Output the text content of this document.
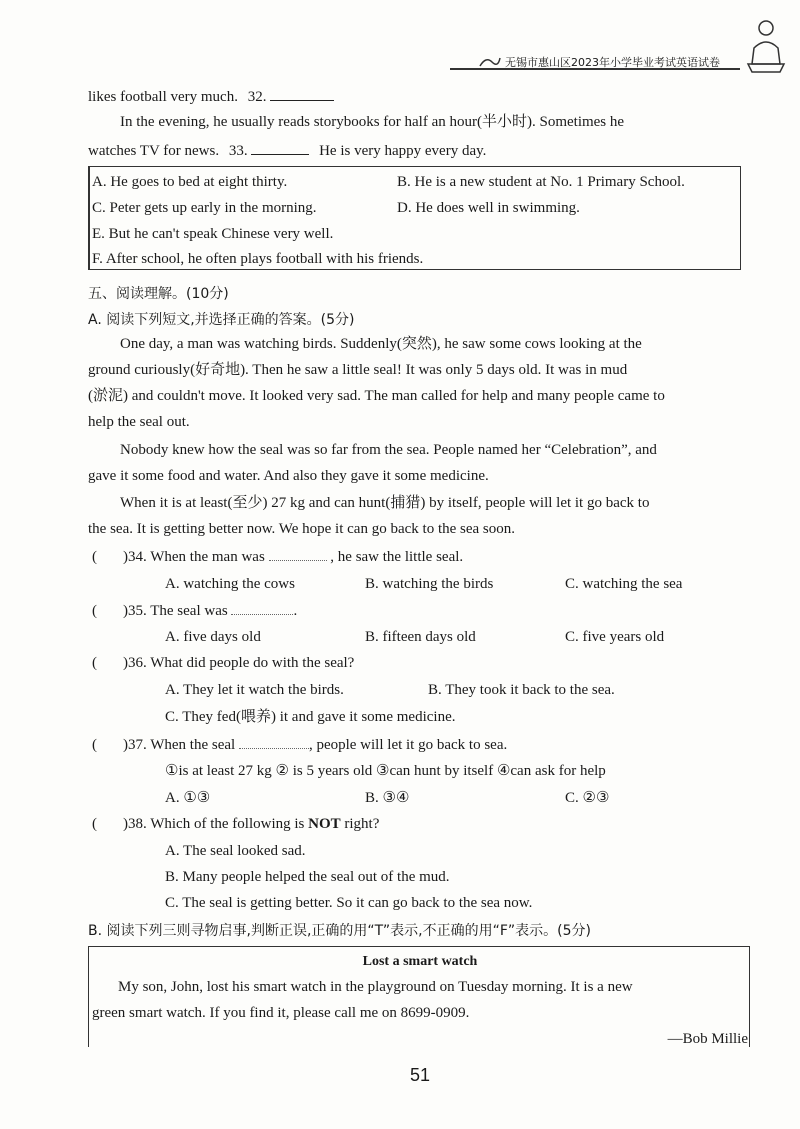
无锡市惠山区2023年小学毕业考试英语试卷
likes football very much. 32.
In the evening, he usually reads storybooks for half an hour(半小时). Sometimes he
watches TV for news. 33.	He is very happy every day.
A. He goes to bed at eight thirty.	B. He is a new student at No. 1 Primary School.
C. Peter gets up early in the morning.	D. He does well in swimming.
E. But he can't speak Chinese very well.
F. After school, he often plays football with his friends.
五、阅读理解。(10分)
A. 阅读下列短文,并选择正确的答案。(5分)
One day, a man was watching birds. Suddenly(突然), he saw some cows looking at the
ground curiously(好奇地). Then he saw a little seal! It was only 5 days old. It was in mud
(淤泥) and couldn't move. It looked very sad. The man called for help and many people came to
help the seal out.
Nobody knew how the seal was so far from the sea. People named her “Celebration”, and
gave it some food and water. And also they gave it some medicine.
When it is at least(至少) 27 kg and can hunt(捕猎) by itself, people will let it go back to
the sea. It is getting better now. We hope it can go back to the sea soon.
( )34. When the man was	, he saw the little seal.
A. watching the cows	B. watching the birds	C. watching the sea
( )35. The seal was	.
A. five days old	B. fifteen days old	C. five years old
( )36. What did people do with the seal?
A. They let it watch the birds.	B. They took it back to the sea.
C. They fed(喂养) it and gave it some medicine.
( )37. When the seal	, people will let it go back to sea.
①is at least 27 kg ② is 5 years old ③can hunt by itself ④can ask for help
A. ①③	B. ③④	C. ②③
( )38. Which of the following is NOT right?
A. The seal looked sad.
B. Many people helped the seal out of the mud.
C. The seal is getting better. So it can go back to the sea now.
B. 阅读下列三则寻物启事,判断正误,正确的用“T”表示,不正确的用“F”表示。(5分)
Lost a smart watch
My son, John, lost his smart watch in the playground on Tuesday morning. It is a new
green smart watch. If you find it, please call me on 8699-0909.
—Bob Millie
51
